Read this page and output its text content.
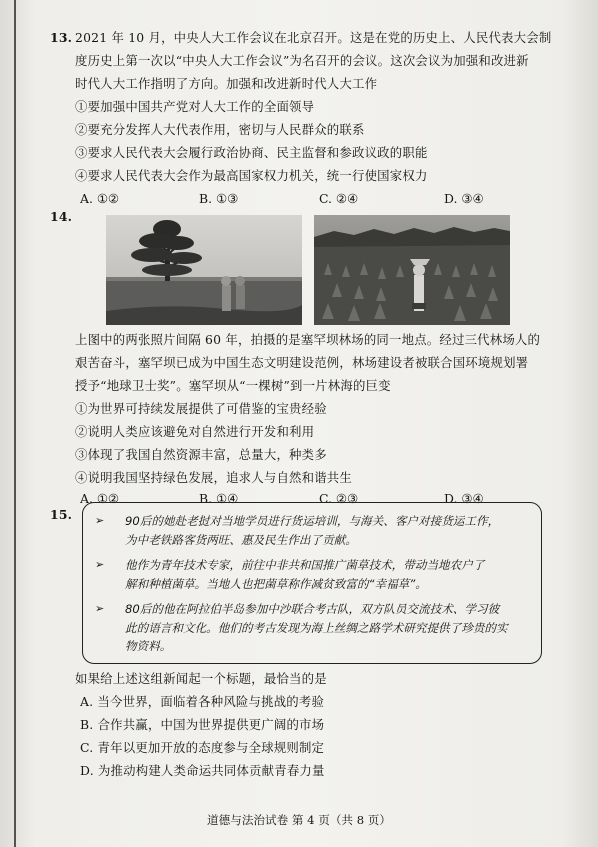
13. 2021 年 10 月，中央人大工作会议在北京召开。这是在党的历史上、人民代表大会制
度历史上第一次以“中央人大工作会议”为名召开的会议。这次会议为加强和改进新
时代人大工作指明了方向。加强和改进新时代人大工作
①要加强中国共产党对人大工作的全面领导
②要充分发挥人大代表作用，密切与人民群众的联系
③要求人民代表大会履行政治协商、民主监督和参政议政的职能
④要求人民代表大会作为最高国家权力机关，统一行使国家权力
A. ①②	B. ①③	C. ②④	D. ③④
14.
上图中的两张照片间隔 60 年，拍摄的是塞罕坝林场的同一地点。经过三代林场人的
艰苦奋斗，塞罕坝已成为中国生态文明建设范例，林场建设者被联合国环境规划署
授予“地球卫士奖”。塞罕坝从“一棵树”到一片林海的巨变
①为世界可持续发展提供了可借鉴的宝贵经验
②说明人类应该避免对自然进行开发和利用
③体现了我国自然资源丰富，总量大，种类多
④说明我国坚持绿色发展，追求人与自然和谐共生
A. ①②	B. ①④	C. ②③	D. ③④
15. ➢ 90后的她赴老挝对当地学员进行货运培训，与海关、客户对接货运工作，
为中老铁路客货两旺、惠及民生作出了贡献。
➢ 他作为青年技术专家，前往中非共和国推广菌草技术，带动当地农户了
解和种植菌草。当地人也把菌草称作减贫致富的“幸福草”。
➢ 80后的他在阿拉伯半岛参加中沙联合考古队，双方队员交流技术、学习彼
此的语言和文化。他们的考古发现为海上丝绸之路学术研究提供了珍贵的实
物资料。
如果给上述这组新闻起一个标题，最恰当的是
A. 当今世界，面临着各种风险与挑战的考验
B. 合作共赢，中国为世界提供更广阔的市场
C. 青年以更加开放的态度参与全球规则制定
D. 为推动构建人类命运共同体贡献青春力量
道德与法治试卷 第 4 页（共 8 页）
